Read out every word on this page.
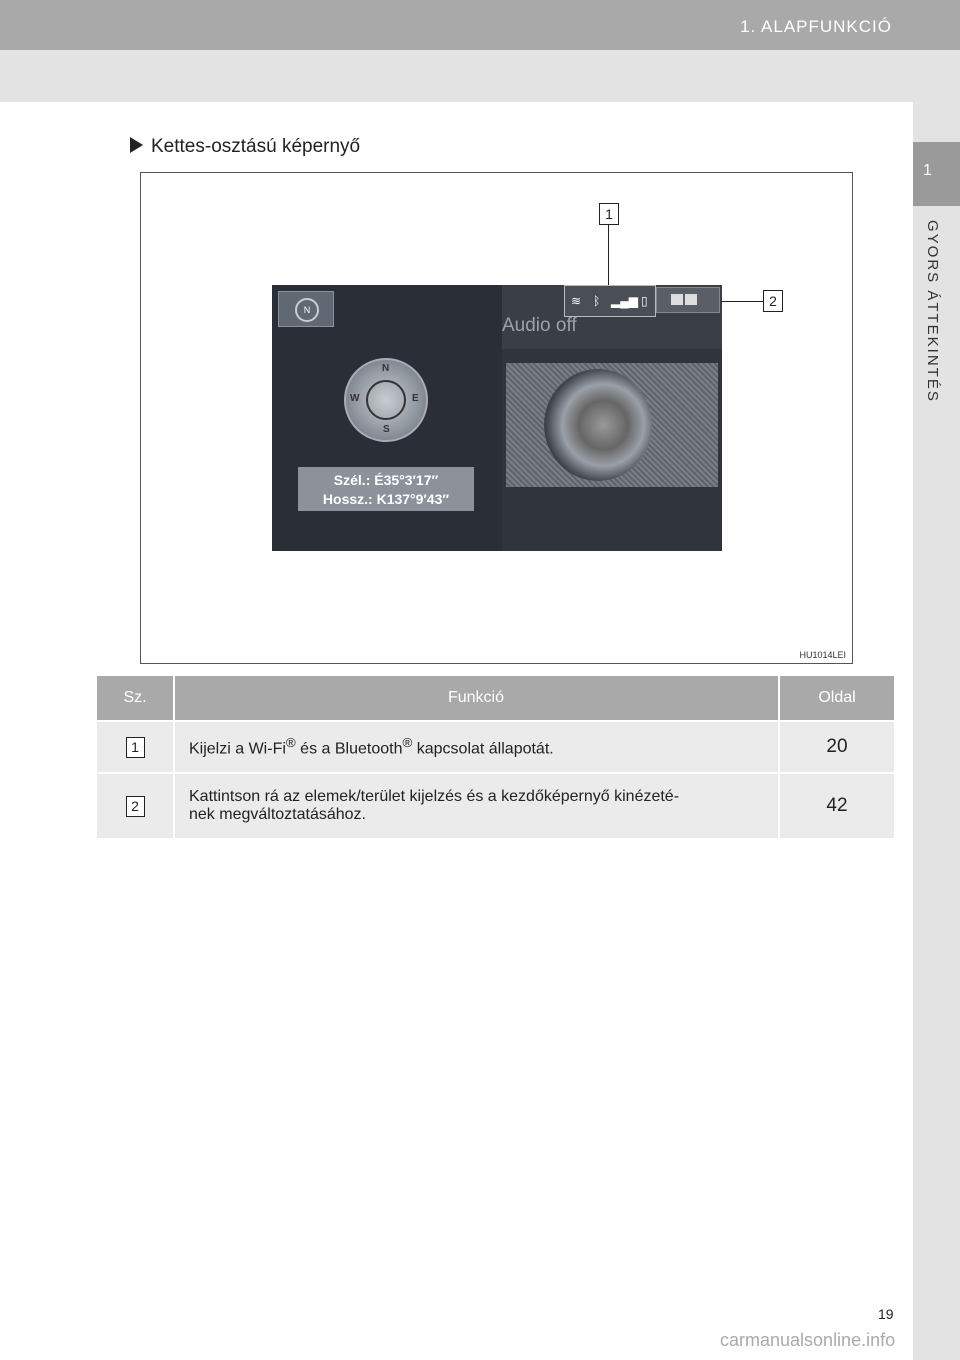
1. ALAPFUNKCIÓ
1
GYORS ÁTTEKINTÉS
Kettes-osztású képernyő
1
2
N
N
S
E
W
Szél.: É35°3′17″
Hossz.: K137°9′43″
≋ ᛒ ▂▄▆ ▯
Audio off
HU1014LEI
Sz.	Funkció	Oldal
1	Kijelzi a Wi-Fi® és a Bluetooth® kapcsolat állapotát.	20
2	Kattintson rá az elemek/terület kijelzés és a kezdőképernyő kinézeté-
nek megváltoztatásához.	42
19
carmanualsonline.info
